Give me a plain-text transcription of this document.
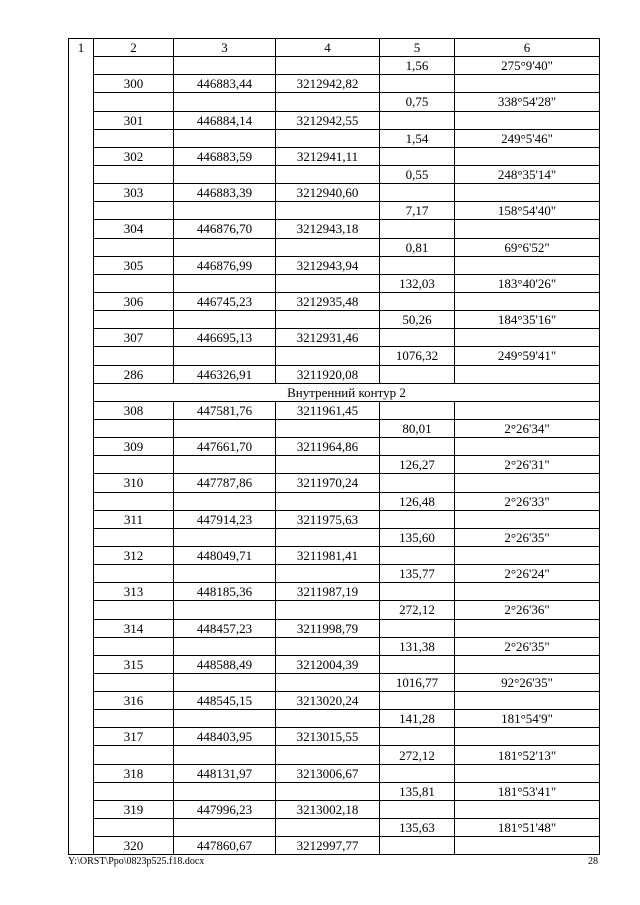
1	2	3	4	5	6
				1,56	275°9'40"
	300	446883,44	3212942,82		
				0,75	338°54'28"
	301	446884,14	3212942,55		
				1,54	249°5'46"
	302	446883,59	3212941,11		
				0,55	248°35'14"
	303	446883,39	3212940,60		
				7,17	158°54'40"
	304	446876,70	3212943,18		
				0,81	69°6'52"
	305	446876,99	3212943,94		
				132,03	183°40'26"
	306	446745,23	3212935,48		
				50,26	184°35'16"
	307	446695,13	3212931,46		
				1076,32	249°59'41"
	286	446326,91	3211920,08		
	Внутренний контур 2				
	308	447581,76	3211961,45		
				80,01	2°26'34"
	309	447661,70	3211964,86		
				126,27	2°26'31"
	310	447787,86	3211970,24		
				126,48	2°26'33"
	311	447914,23	3211975,63		
				135,60	2°26'35"
	312	448049,71	3211981,41		
				135,77	2°26'24"
	313	448185,36	3211987,19		
				272,12	2°26'36"
	314	448457,23	3211998,79		
				131,38	2°26'35"
	315	448588,49	3212004,39		
				1016,77	92°26'35"
	316	448545,15	3213020,24		
				141,28	181°54'9"
	317	448403,95	3213015,55		
				272,12	181°52'13"
	318	448131,97	3213006,67		
				135,81	181°53'41"
	319	447996,23	3213002,18		
				135,63	181°51'48"
	320	447860,67	3212997,77		
Y:\ORST\Ppo\0823p525.f18.docx	28
